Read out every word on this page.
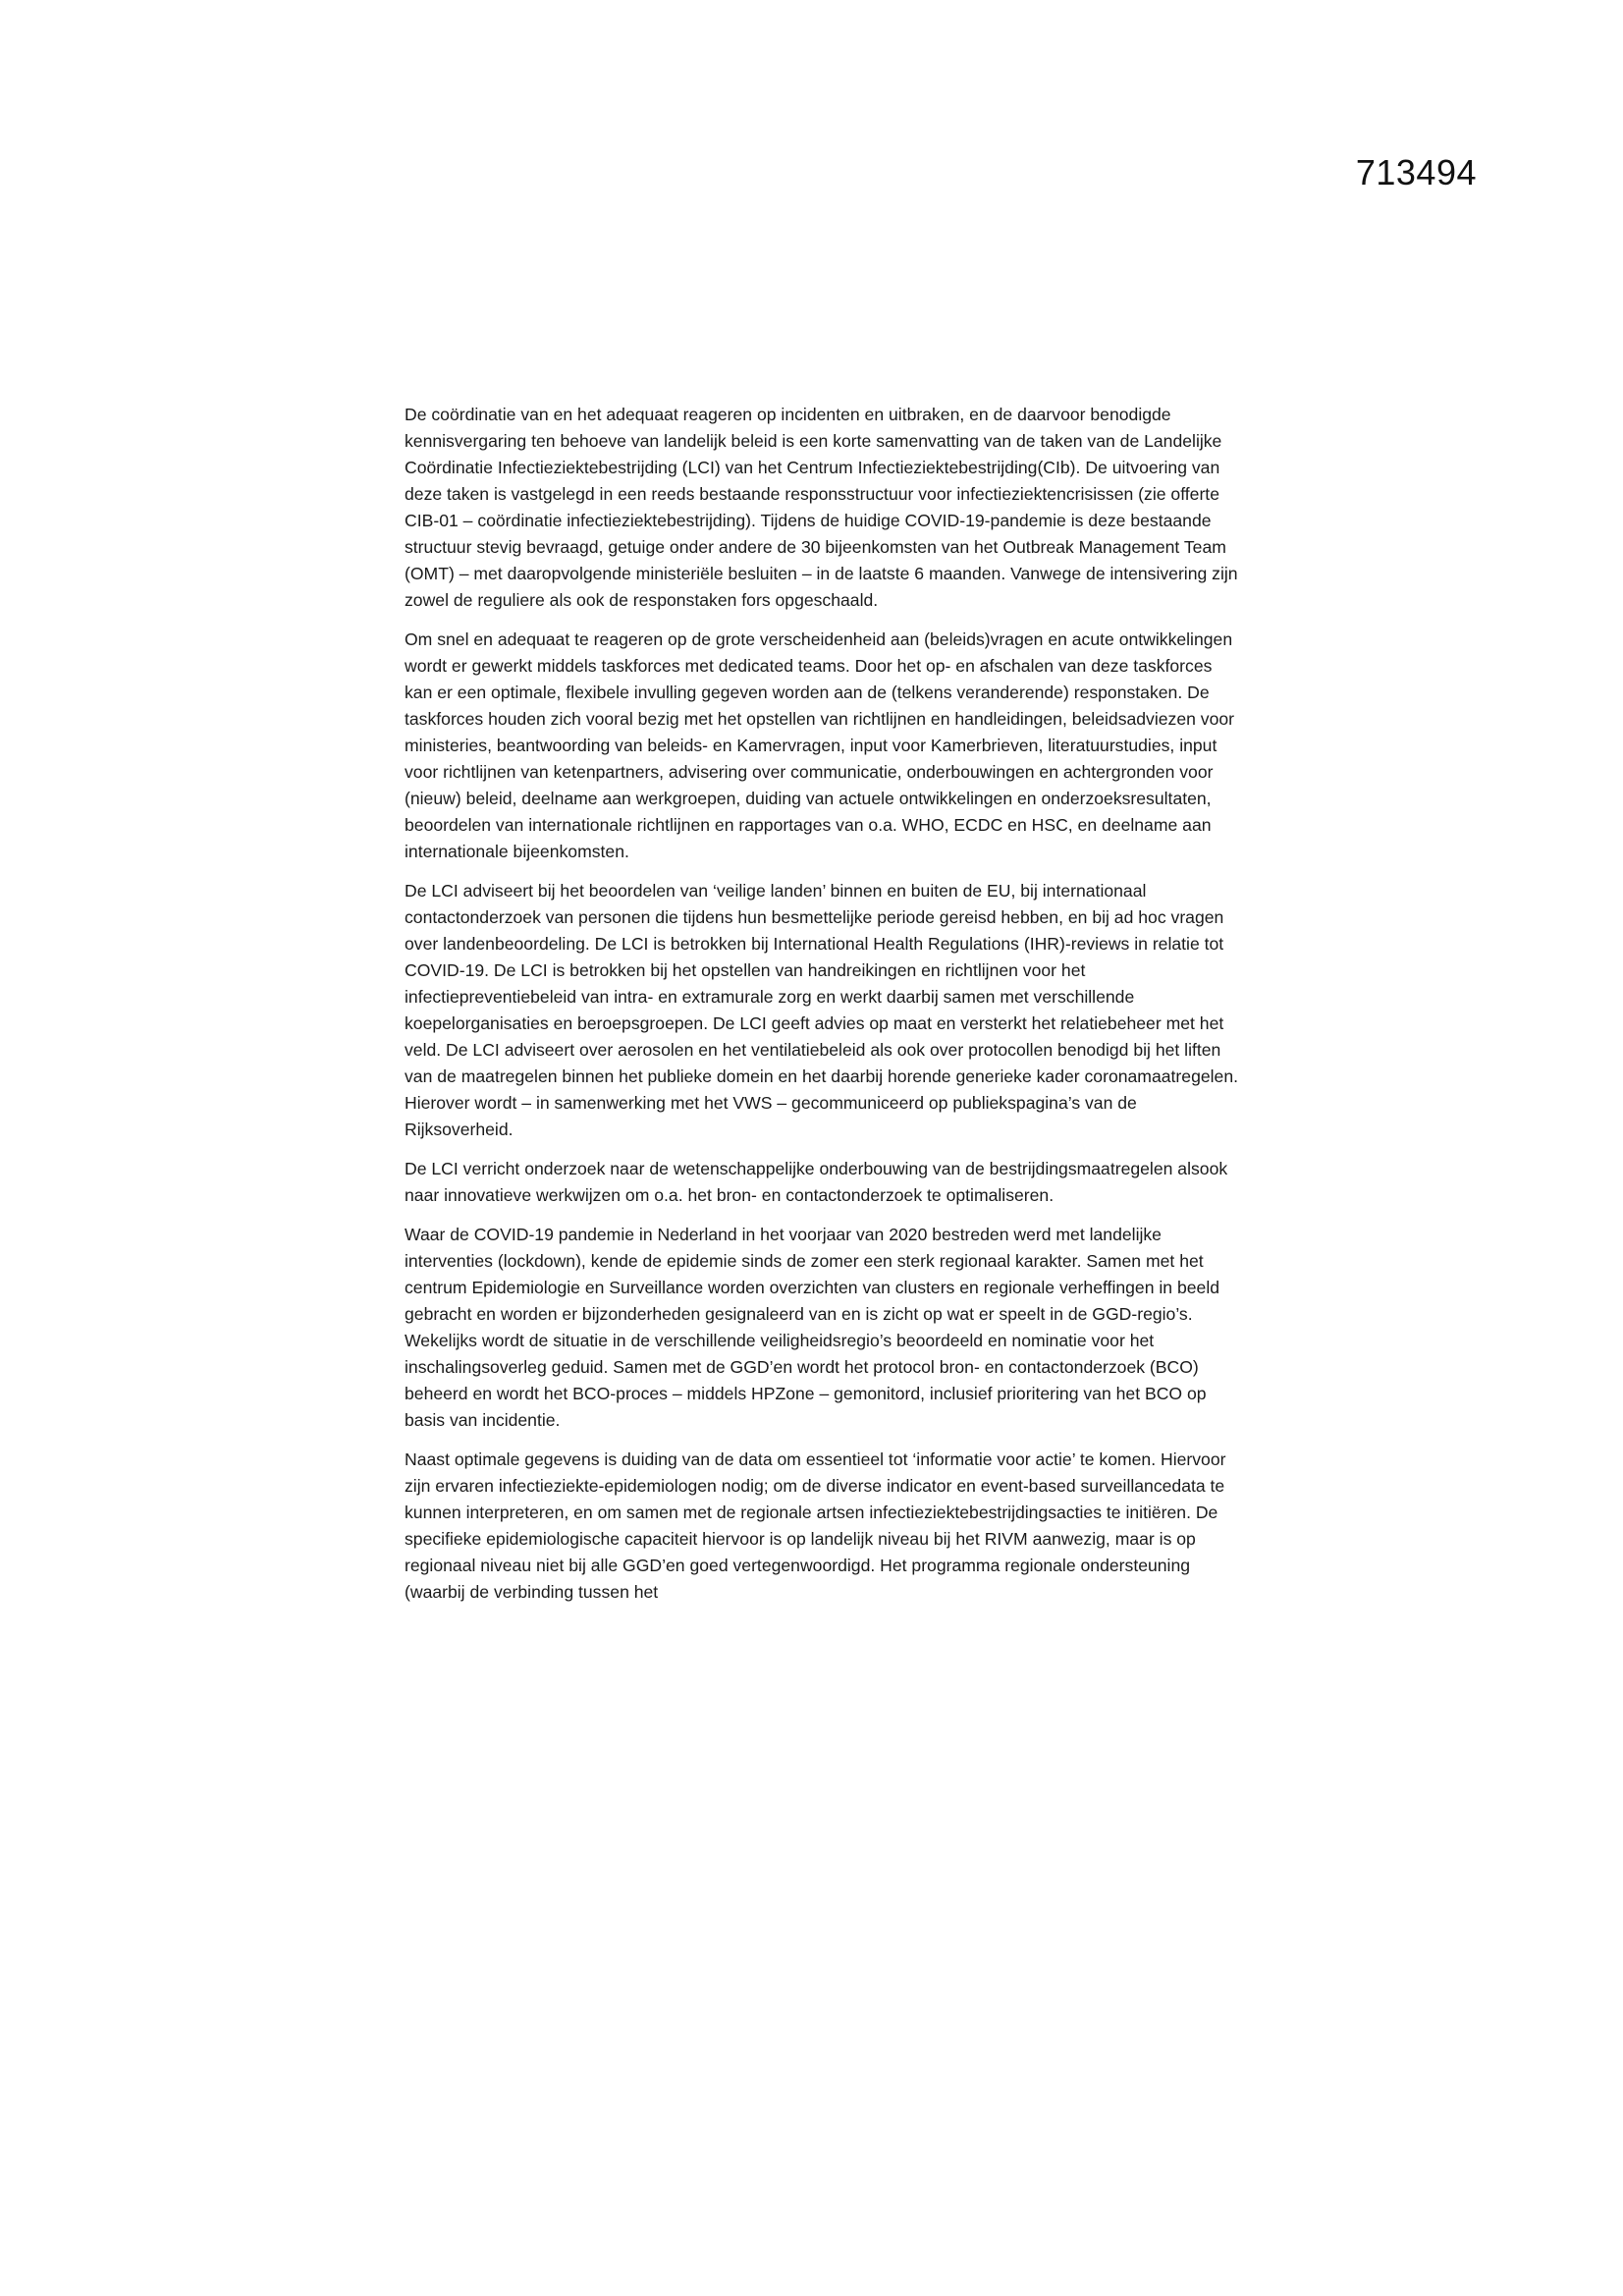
713494

De coördinatie van en het adequaat reageren op incidenten en uitbraken, en de daarvoor benodigde kennisvergaring ten behoeve van landelijk beleid is een korte samenvatting van de taken van de Landelijke Coördinatie Infectieziektebestrijding (LCI) van het Centrum Infectieziektebestrijding(CIb). De uitvoering van deze taken is vastgelegd in een reeds bestaande responsstructuur voor infectieziektencrisissen (zie offerte CIB-01 – coördinatie infectieziektebestrijding). Tijdens de huidige COVID-19-pandemie is deze bestaande structuur stevig bevraagd, getuige onder andere de 30 bijeenkomsten van het Outbreak Management Team (OMT) – met daaropvolgende ministeriële besluiten – in de laatste 6 maanden. Vanwege de intensivering zijn zowel de reguliere als ook de responstaken fors opgeschaald.

Om snel en adequaat te reageren op de grote verscheidenheid aan (beleids)vragen en acute ontwikkelingen wordt er gewerkt middels taskforces met dedicated teams. Door het op- en afschalen van deze taskforces kan er een optimale, flexibele invulling gegeven worden aan de (telkens veranderende) responstaken. De taskforces houden zich vooral bezig met het opstellen van richtlijnen en handleidingen, beleidsadviezen voor ministeries, beantwoording van beleids- en Kamervragen, input voor Kamerbrieven, literatuurstudies, input voor richtlijnen van ketenpartners, advisering over communicatie, onderbouwingen en achtergronden voor (nieuw) beleid, deelname aan werkgroepen, duiding van actuele ontwikkelingen en onderzoeksresultaten, beoordelen van internationale richtlijnen en rapportages van o.a. WHO, ECDC en HSC, en deelname aan internationale bijeenkomsten.

De LCI adviseert bij het beoordelen van ‘veilige landen’ binnen en buiten de EU, bij internationaal contactonderzoek van personen die tijdens hun besmettelijke periode gereisd hebben, en bij ad hoc vragen over landenbeoordeling. De LCI is betrokken bij International Health Regulations (IHR)-reviews in relatie tot COVID-19. De LCI is betrokken bij het opstellen van handreikingen en richtlijnen voor het infectiepreventiebeleid van intra- en extramurale zorg en werkt daarbij samen met verschillende koepelorganisaties en beroepsgroepen. De LCI geeft advies op maat en versterkt het relatiebeheer met het veld. De LCI adviseert over aerosolen en het ventilatiebeleid als ook over protocollen benodigd bij het liften van de maatregelen binnen het publieke domein en het daarbij horende generieke kader coronamaatregelen. Hierover wordt – in samenwerking met het VWS – gecommuniceerd op publiekspagina’s van de Rijksoverheid.

De LCI verricht onderzoek naar de wetenschappelijke onderbouwing van de bestrijdingsmaatregelen alsook naar innovatieve werkwijzen om o.a. het bron- en contactonderzoek te optimaliseren.

Waar de COVID-19 pandemie in Nederland in het voorjaar van 2020 bestreden werd met landelijke interventies (lockdown), kende de epidemie sinds de zomer een sterk regionaal karakter. Samen met het centrum Epidemiologie en Surveillance worden overzichten van clusters en regionale verheffingen in beeld gebracht en worden er bijzonderheden gesignaleerd van en is zicht op wat er speelt in de GGD-regio’s. Wekelijks wordt de situatie in de verschillende veiligheidsregio’s beoordeeld en nominatie voor het inschalingsoverleg geduid. Samen met de GGD’en wordt het protocol bron- en contactonderzoek (BCO) beheerd en wordt het BCO-proces – middels HPZone – gemonitord, inclusief prioritering van het BCO op basis van incidentie.

Naast optimale gegevens is duiding van de data om essentieel tot ‘informatie voor actie’ te komen. Hiervoor zijn ervaren infectieziekte-epidemiologen nodig; om de diverse indicator en event-based surveillancedata te kunnen interpreteren, en om samen met de regionale artsen infectieziektebestrijdingsacties te initiëren. De specifieke epidemiologische capaciteit hiervoor is op landelijk niveau bij het RIVM aanwezig, maar is op regionaal niveau niet bij alle GGD’en goed vertegenwoordigd. Het programma regionale ondersteuning (waarbij de verbinding tussen het
